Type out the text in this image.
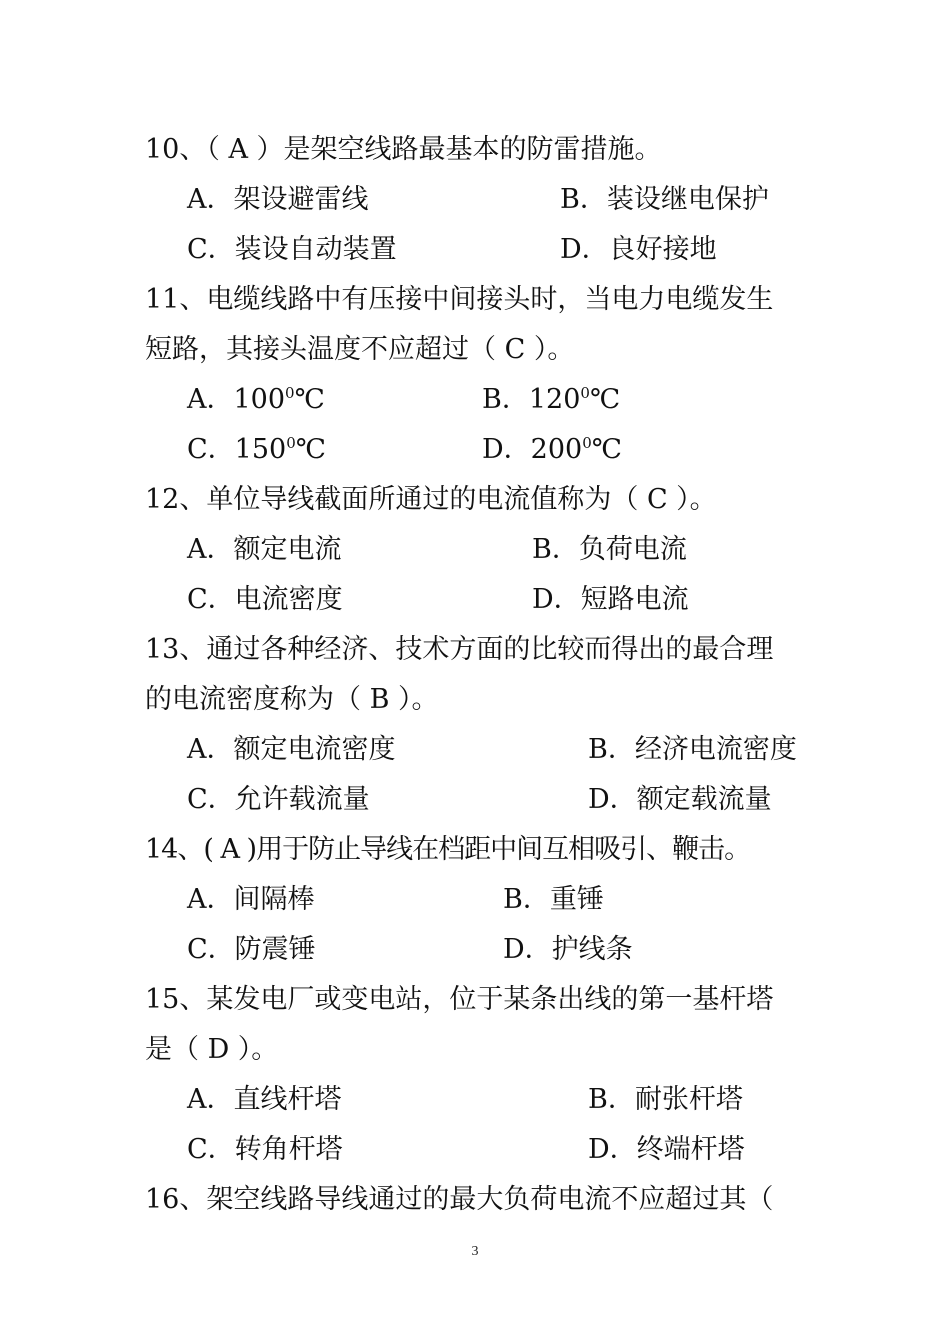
10、（ A ）是架空线路最基本的防雷措施。
A．架设避雷线	B．装设继电保护
C．装设自动装置	D．良好接地
11、电缆线路中有压接中间接头时，当电力电缆发生
短路，其接头温度不应超过（ C ）。
A．$100^0℃$	B．$120^0℃$
C．$150^0℃$	D．$200^0℃$
12、单位导线截面所通过的电流值称为（ C ）。
A．额定电流	B．负荷电流
C．电流密度	D．短路电流
13、通过各种经济、技术方面的比较而得出的最合理
的电流密度称为（ B ）。
A．额定电流密度	B．经济电流密度
C．允许载流量	D．额定载流量
14、( A )用于防止导线在档距中间互相吸引、鞭击。
A．间隔棒	B．重锤
C．防震锤	D．护线条
15、某发电厂或变电站，位于某条出线的第一基杆塔
是（ D ）。
A．直线杆塔	B．耐张杆塔
C．转角杆塔	D．终端杆塔
16、架空线路导线通过的最大负荷电流不应超过其（
3
